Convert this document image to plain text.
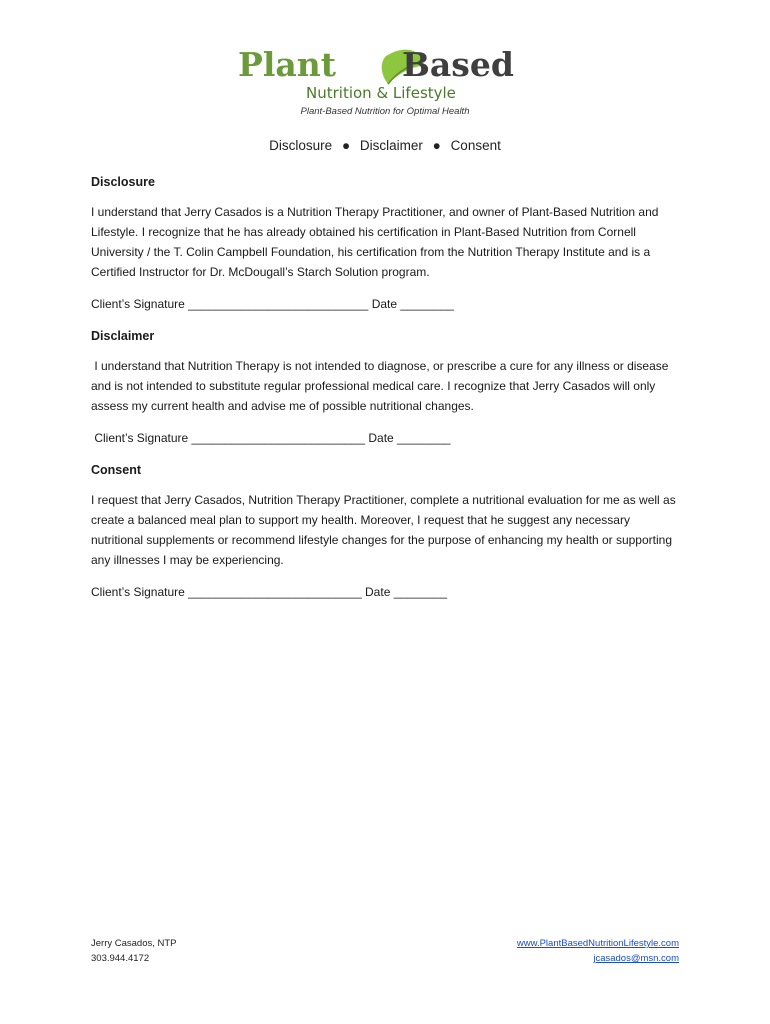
Plant Based
Nutrition & Lifestyle
Plant-Based Nutrition for Optimal Health
Disclosure ● Disclaimer ● Consent
Disclosure

I understand that Jerry Casados is a Nutrition Therapy Practitioner, and owner of Plant-Based Nutrition and Lifestyle. I recognize that he has already obtained his certification in Plant-Based Nutrition from Cornell University / the T. Colin Campbell Foundation, his certification from the Nutrition Therapy Institute and is a Certified Instructor for Dr. McDougall’s Starch Solution program.

Client’s Signature ___________________________ Date ________
Disclaimer

I understand that Nutrition Therapy is not intended to diagnose, or prescribe a cure for any illness or disease and is not intended to substitute regular professional medical care. I recognize that Jerry Casados will only assess my current health and advise me of possible nutritional changes.

Client’s Signature __________________________ Date ________
Consent

I request that Jerry Casados, Nutrition Therapy Practitioner, complete a nutritional evaluation for me as well as create a balanced meal plan to support my health. Moreover, I request that he suggest any necessary nutritional supplements or recommend lifestyle changes for the purpose of enhancing my health or supporting any illnesses I may be experiencing.

Client’s Signature __________________________ Date ________
Jerry Casados, NTP
303.944.4172
www.PlantBasedNutritionLifestyle.com
jcasados@msn.com
